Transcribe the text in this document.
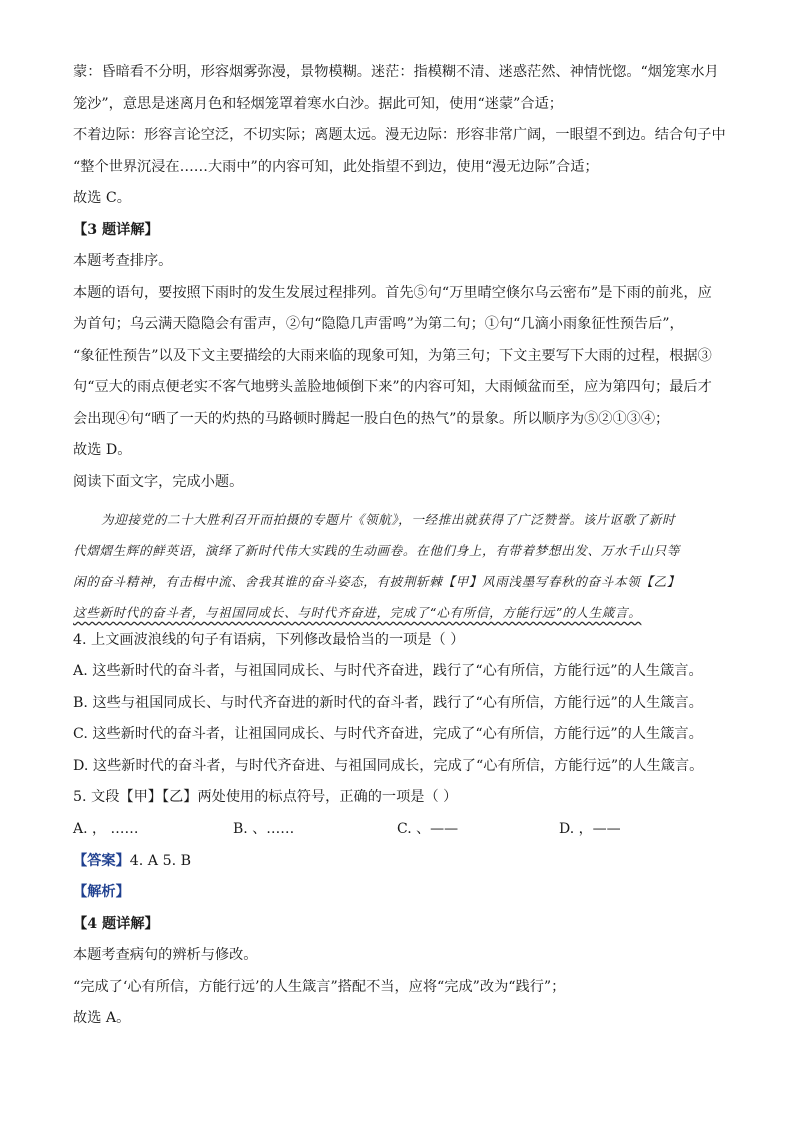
蒙：昏暗看不分明，形容烟雾弥漫，景物模糊。迷茫：指模糊不清、迷惑茫然、神情恍惚。“烟笼寒水月

笼沙”，意思是迷离月色和轻烟笼罩着寒水白沙。据此可知，使用“迷蒙”合适；

不着边际：形容言论空泛，不切实际；离题太远。漫无边际：形容非常广阔，一眼望不到边。结合句子中

“整个世界沉浸在……大雨中”的内容可知，此处指望不到边，使用“漫无边际”合适；

故选 C。

【3 题详解】

本题考查排序。

本题的语句，要按照下雨时的发生发展过程排列。首先⑤句“万里晴空倏尔乌云密布”是下雨的前兆，应

为首句；乌云满天隐隐会有雷声，②句“隐隐几声雷鸣”为第二句；①句“几滴小雨象征性预告后”，

“象征性预告”以及下文主要描绘的大雨来临的现象可知，为第三句；下文主要写下大雨的过程，根据③

句“豆大的雨点便老实不客气地劈头盖脸地倾倒下来”的内容可知，大雨倾盆而至，应为第四句；最后才

会出现④句“晒了一天的灼热的马路顿时腾起一股白色的热气”的景象。所以顺序为⑤②①③④；

故选 D。

阅读下面文字，完成小题。

为迎接党的二十大胜利召开而拍摄的专题片《领航》，一经推出就获得了广泛赞誉。该片讴歌了新时
代熠熠生辉的鲜英语，演绎了新时代伟大实践的生动画卷。在他们身上，有带着梦想出发、万水千山只等
闲的奋斗精神，有击楫中流、舍我其谁的奋斗姿态，有披荆斩棘【甲】风雨浅墨写春秋的奋斗本领【乙】
这些新时代的奋斗者，与祖国同成长、与时代齐奋进，完成了“心有所信，方能行远”的人生箴言。

4. 上文画波浪线的句子有语病，下列修改最恰当的一项是（ ）

A. 这些新时代的奋斗者，与祖国同成长、与时代齐奋进，践行了“心有所信，方能行远”的人生箴言。

B. 这些与祖国同成长、与时代齐奋进的新时代的奋斗者，践行了“心有所信，方能行远”的人生箴言。

C. 这些新时代的奋斗者，让祖国同成长、与时代齐奋进，完成了“心有所信，方能行远”的人生箴言。

D. 这些新时代的奋斗者，与时代齐奋进、与祖国同成长，完成了“心有所信，方能行远”的人生箴言。

5. 文段【甲】【乙】两处使用的标点符号，正确的一项是（ ）

A. ， ……	B. 、……	C. 、——	D. ，——

【答案】4. A 5. B

【解析】

【4 题详解】

本题考查病句的辨析与修改。

“完成了‘心有所信，方能行远’的人生箴言”搭配不当，应将“完成”改为“践行”；

故选 A。
